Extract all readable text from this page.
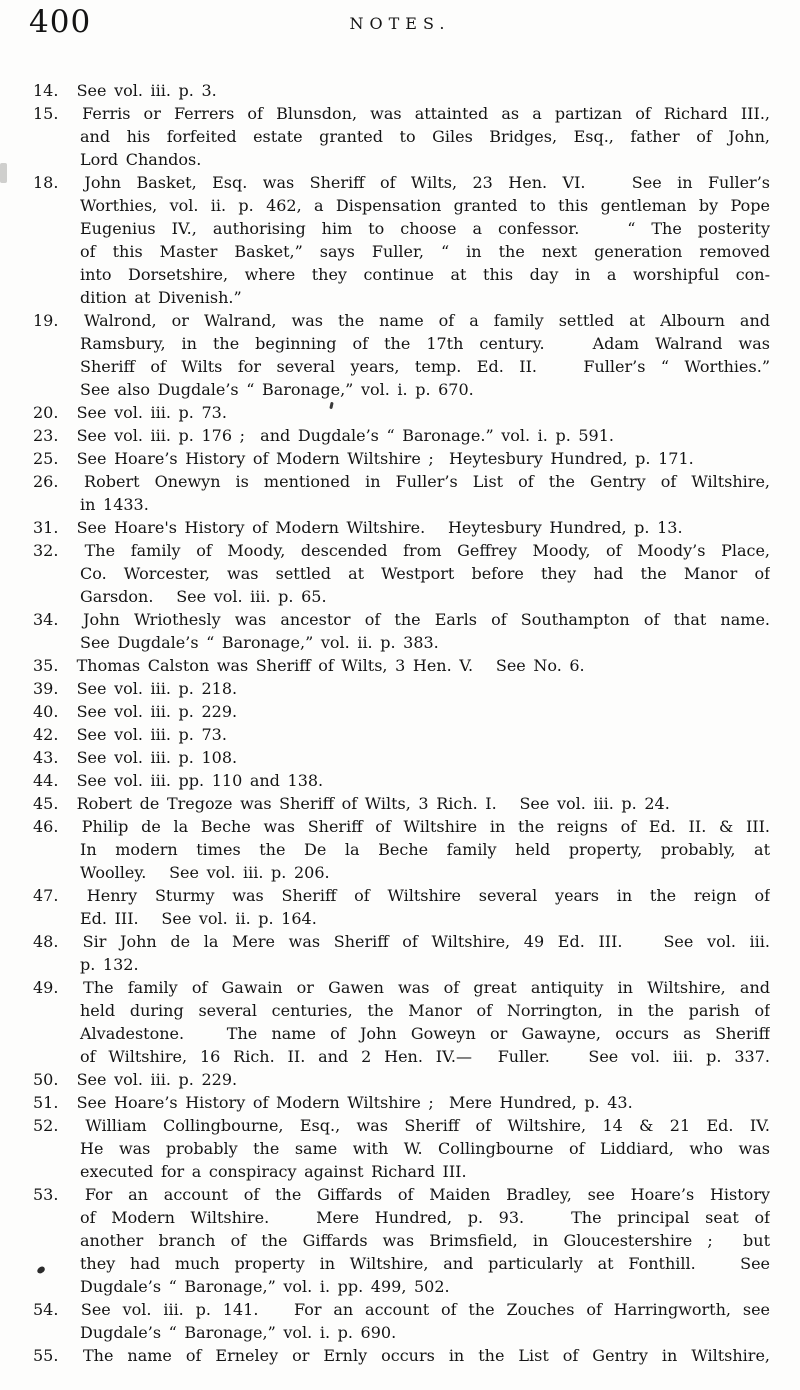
400	NOTES.
14. See vol. iii. p. 3.
15. Ferris or Ferrers of Blunsdon, was attainted as a partizan of Richard III.,
and his forfeited estate granted to Giles Bridges, Esq., father of John,
Lord Chandos.
18. John Basket, Esq. was Sheriff of Wilts, 23 Hen. VI.   See in Fuller’s
Worthies, vol. ii. p. 462, a Dispensation granted to this gentleman by Pope
Eugenius IV., authorising him to choose a confessor.   “ The posterity
of this Master Basket,” says Fuller, “ in the next generation removed
into Dorsetshire, where they continue at this day in a worshipful con-
dition at Divenish.”
19. Walrond, or Walrand, was the name of a family settled at Albourn and
Ramsbury, in the beginning of the 17th century.   Adam Walrand was
Sheriff of Wilts for several years, temp. Ed. II.   Fuller’s “ Worthies.”
See also Dugdale’s “ Baronage,” vol. i. p. 670.
20. See vol. iii. p. 73.
23. See vol. iii. p. 176 ;  and Dugdale’s “ Baronage.” vol. i. p. 591.
25. See Hoare’s History of Modern Wiltshire ;  Heytesbury Hundred, p. 171.
26. Robert Onewyn is mentioned in Fuller’s List of the Gentry of Wiltshire,
in 1433.
31. See Hoare's History of Modern Wiltshire.   Heytesbury Hundred, p. 13.
32. The family of Moody, descended from Geffrey Moody, of Moody’s Place,
Co. Worcester, was settled at Westport before they had the Manor of
Garsdon.   See vol. iii. p. 65.
34. John Wriothesly was ancestor of the Earls of Southampton of that name.
See Dugdale’s “ Baronage,” vol. ii. p. 383.
35. Thomas Calston was Sheriff of Wilts, 3 Hen. V.   See No. 6.
39. See vol. iii. p. 218.
40. See vol. iii. p. 229.
42. See vol. iii. p. 73.
43. See vol. iii. p. 108.
44. See vol. iii. pp. 110 and 138.
45. Robert de Tregoze was Sheriff of Wilts, 3 Rich. I.   See vol. iii. p. 24.
46. Philip de la Beche was Sheriff of Wiltshire in the reigns of Ed. II. & III.
In modern times the De la Beche family held property, probably, at
Woolley.   See vol. iii. p. 206.
47. Henry Sturmy was Sheriff of Wiltshire several years in the reign of
Ed. III.   See vol. ii. p. 164.
48. Sir John de la Mere was Sheriff of Wiltshire, 49 Ed. III.   See vol. iii.
p. 132.
49. The family of Gawain or Gawen was of great antiquity in Wiltshire, and
held during several centuries, the Manor of Norrington, in the parish of
Alvadestone.   The name of John Goweyn or Gawayne, occurs as Sheriff
of Wiltshire, 16 Rich. II. and 2 Hen. IV.—  Fuller.   See vol. iii. p. 337.
50. See vol. iii. p. 229.
51. See Hoare’s History of Modern Wiltshire ;  Mere Hundred, p. 43.
52. William Collingbourne, Esq., was Sheriff of Wiltshire, 14 & 21 Ed. IV.
He was probably the same with W. Collingbourne of Liddiard, who was
executed for a conspiracy against Richard III.
53. For an account of the Giffards of Maiden Bradley, see Hoare’s History
of Modern Wiltshire.   Mere Hundred, p. 93.   The principal seat of
another branch of the Giffards was Brimsfield, in Gloucestershire ;  but
they had much property in Wiltshire, and particularly at Fonthill.   See
Dugdale’s “ Baronage,” vol. i. pp. 499, 502.
54. See vol. iii. p. 141.   For an account of the Zouches of Harringworth, see
Dugdale’s “ Baronage,” vol. i. p. 690.
55. The name of Erneley or Ernly occurs in the List of Gentry in Wiltshire,
